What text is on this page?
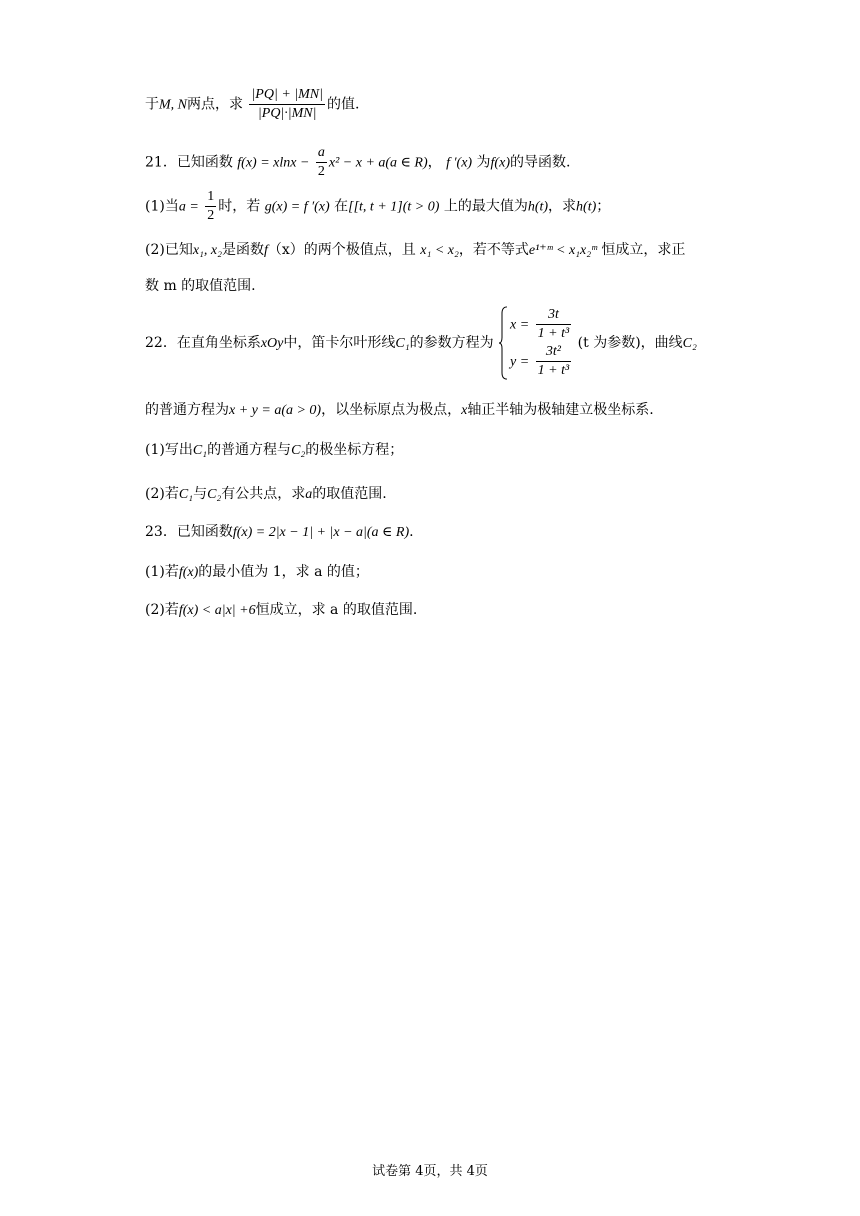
于M, N两点，求 $\frac{|PQ| + |MN|}{|PQ|\cdot|MN|}$ 的值.
21．已知函数 $f(x) = xlnx - \frac{a}{2} x^2 - x + a(a$ ∈ R)， f ′(x) 为f(x)的导函数.
(1)当$a = \frac{1}{2}$ 时，若 g(x) = f ′(x) 在[[t, t + 1](t > 0) 上的最大值为h(t)，求h(t)；
(2)已知x₁, x₂是函数f（x）的两个极值点，且 x₁ < x₂，若不等式e¹⁺ᵐ < x₁x₂ᵐ 恒成立，求正
数 m 的取值范围.
22．在直角坐标系xOy中，笛卡尔叶形线C₁的参数方程为
$x = \frac{3t}{\text{1 + t³}}$
$y = \frac{\text{3t²}}{\text{1 + t³}}$
(t 为参数)，曲线C₂
的普通方程为x + y = a(a > 0)，以坐标原点为极点，x轴正半轴为极轴建立极坐标系.
(1)写出C₁的普通方程与C₂的极坐标方程；
(2)若C₁与C₂有公共点，求a的取值范围.
23．已知函数f(x) = 2|x − 1| + |x − a|(a ∈ R).
(1)若f(x)的最小值为 1，求 a 的值；
(2)若f(x) < a|x| +6恒成立，求 a 的取值范围.
试卷第 4页，共 4页
